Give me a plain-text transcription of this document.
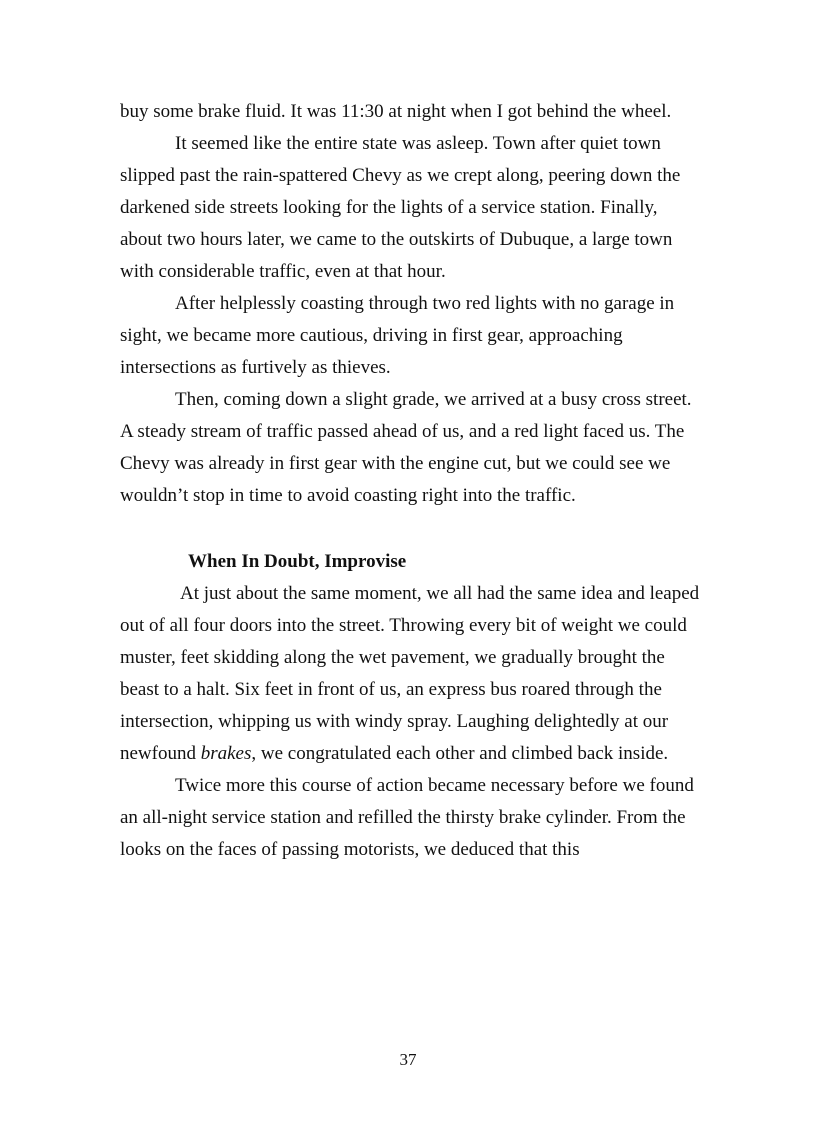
buy some brake fluid. It was 11:30 at night when I got behind the wheel.

It seemed like the entire state was asleep. Town after quiet town slipped past the rain-spattered Chevy as we crept along, peering down the darkened side streets looking for the lights of a service station. Finally, about two hours later, we came to the outskirts of Dubuque, a large town with considerable traffic, even at that hour.

After helplessly coasting through two red lights with no garage in sight, we became more cautious, driving in first gear, approaching intersections as furtively as thieves.

Then, coming down a slight grade, we arrived at a busy cross street. A steady stream of traffic passed ahead of us, and a red light faced us. The Chevy was already in first gear with the engine cut, but we could see we wouldn’t stop in time to avoid coasting right into the traffic.

When In Doubt, Improvise

At just about the same moment, we all had the same idea and leaped out of all four doors into the street. Throwing every bit of weight we could muster, feet skidding along the wet pavement, we gradually brought the beast to a halt. Six feet in front of us, an express bus roared through the intersection, whipping us with windy spray. Laughing delightedly at our newfound brakes, we congratulated each other and climbed back inside.

Twice more this course of action became necessary before we found an all-night service station and refilled the thirsty brake cylinder. From the looks on the faces of passing motorists, we deduced that this

37
